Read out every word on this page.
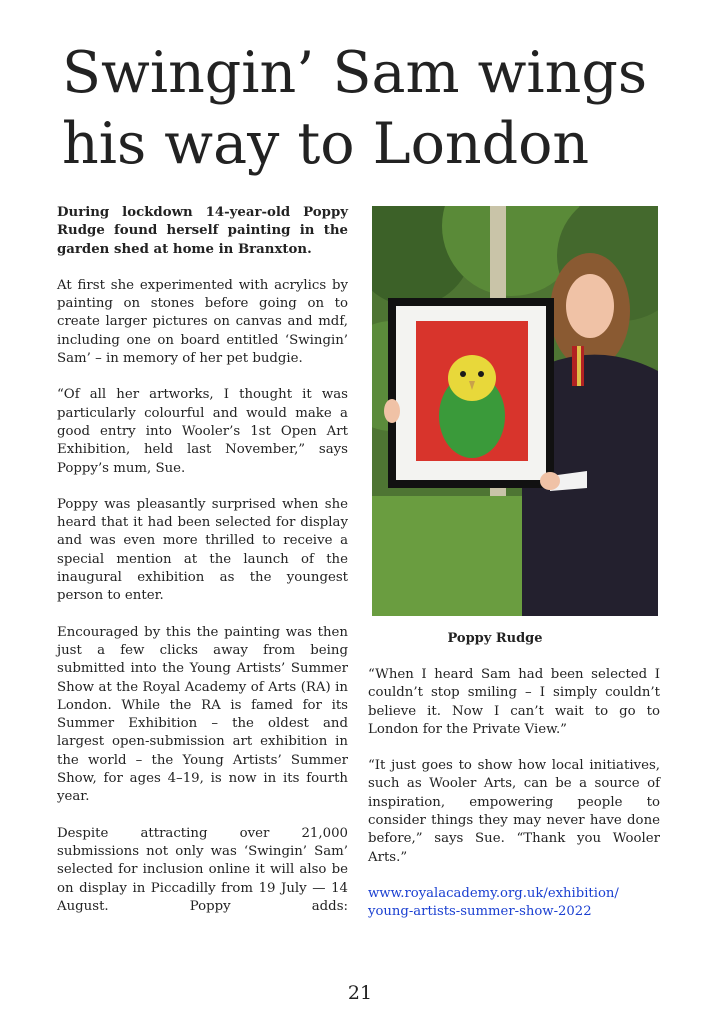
Swingin’ Sam wings his way to London

During lockdown 14-year-old Poppy Rudge found herself painting in the garden shed at home in Branxton.

At first she experimented with acrylics by painting on stones before going on to create larger pictures on canvas and mdf, including one on board entitled ‘Swingin’ Sam’ – in memory of her pet budgie.

“Of all her artworks, I thought it was particularly colourful and would make a good entry into Wooler’s 1st Open Art Exhibition, held last November,” says Poppy’s mum, Sue.

Poppy was pleasantly surprised when she heard that it had been selected for display and was even more thrilled to receive a special mention at the launch of the inaugural exhibition as the youngest person to enter.

Encouraged by this the painting was then just a few clicks away from being submitted into the Young Artists’ Summer Show at the Royal Academy of Arts (RA) in London. While the RA is famed for its Summer Exhibition – the oldest and largest open-submission art exhibition in the world – the Young Artists’ Summer Show, for ages 4–19, is now in its fourth year.

Despite attracting over 21,000 submissions not only was ‘Swingin’ Sam’ selected for inclusion online it will also be on display in Piccadilly from 19 July — 14 August. Poppy adds:

Poppy Rudge

“When I heard Sam had been selected I couldn’t stop smiling – I simply couldn’t believe it. Now I can’t wait to go to London for the Private View.”

“It just goes to show how local initiatives, such as Wooler Arts, can be a source of inspiration, empowering people to consider things they may never have done before,” says Sue. “Thank you Wooler Arts.”

www.royalacademy.org.uk/exhibition/
young-artists-summer-show-2022

21
